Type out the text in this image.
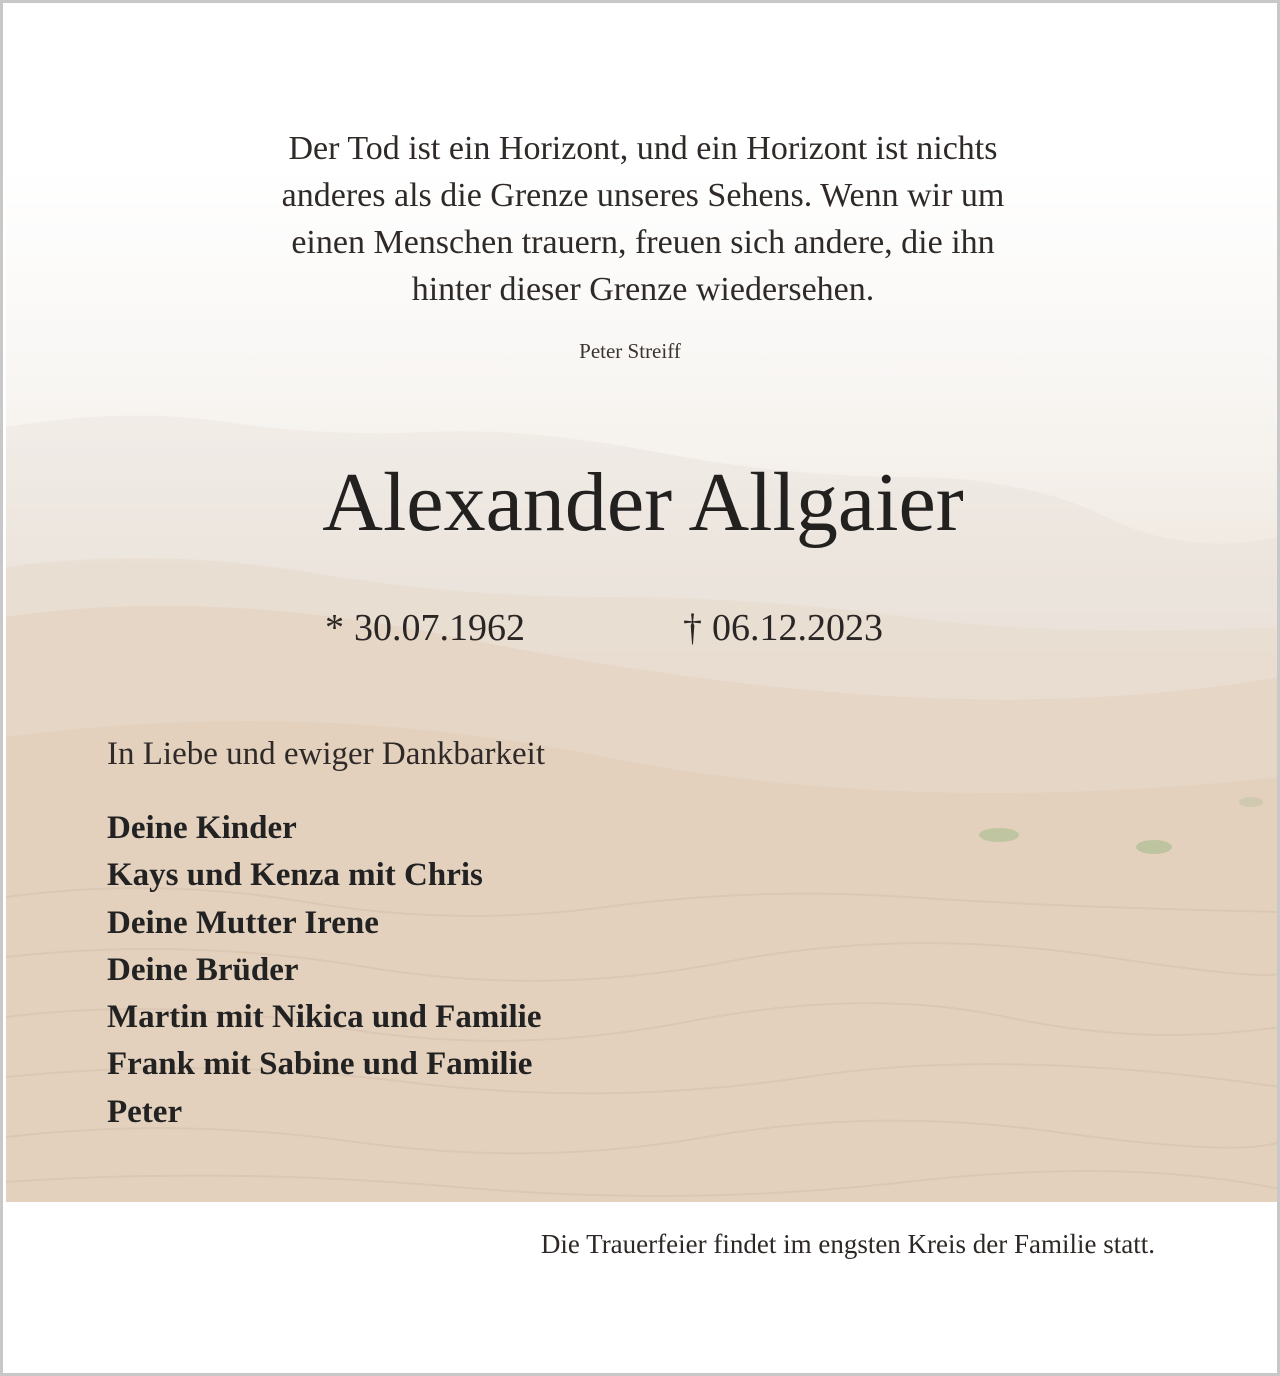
Der Tod ist ein Horizont, und ein Horizont ist nichts
anderes als die Grenze unseres Sehens. Wenn wir um
einen Menschen trauern, freuen sich andere, die ihn
hinter dieser Grenze wiedersehen.
Peter Streiff
Alexander Allgaier
* 30.07.1962	† 06.12.2023
In Liebe und ewiger Dankbarkeit
Deine Kinder
Kays und Kenza mit Chris
Deine Mutter Irene
Deine Brüder
Martin mit Nikica und Familie
Frank mit Sabine und Familie
Peter
Die Trauerfeier findet im engsten Kreis der Familie statt.
